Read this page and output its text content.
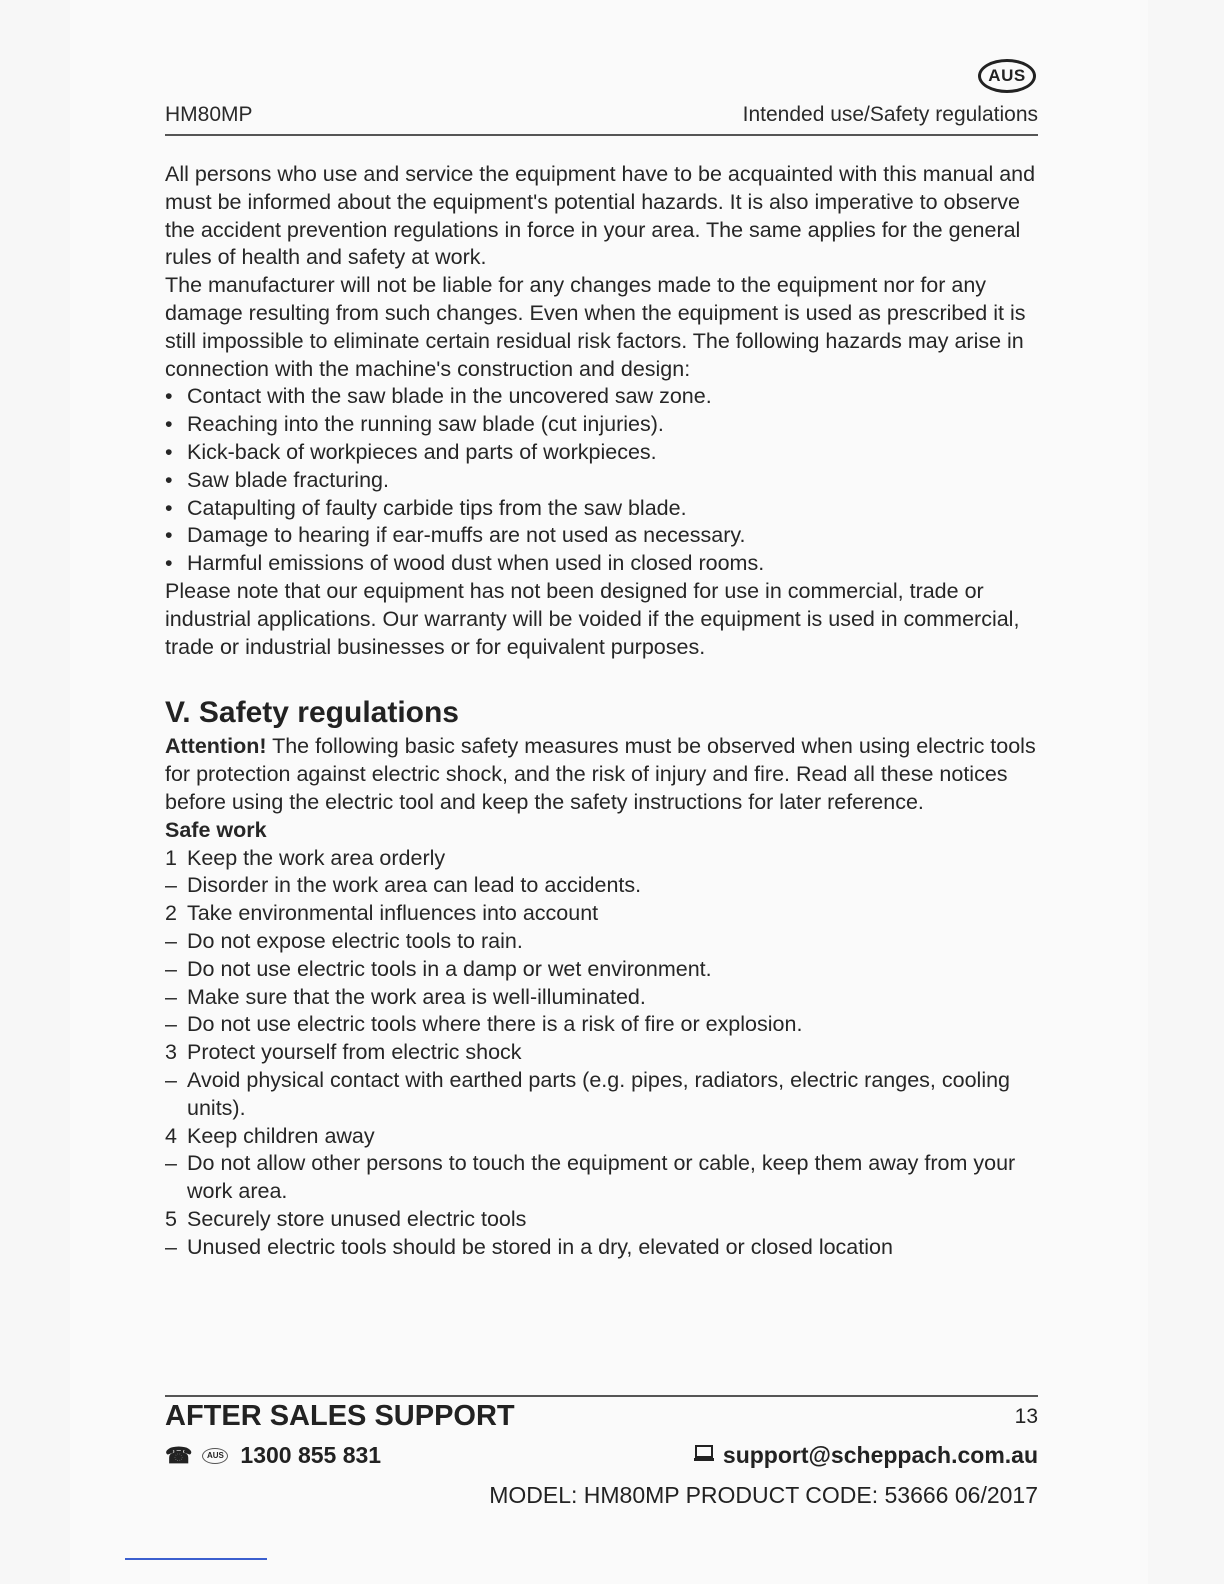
AUS
HM80MP	Intended use/Safety regulations

All persons who use and service the equipment have to be acquainted with this manual and must be informed about the equipment's potential hazards. It is also imperative to observe the accident prevention regulations in force in your area. The same applies for the general rules of health and safety at work.

The manufacturer will not be liable for any changes made to the equipment nor for any damage resulting from such changes. Even when the equipment is used as prescribed it is still impossible to eliminate certain residual risk factors. The following hazards may arise in connection with the machine's construction and design:

• Contact with the saw blade in the uncovered saw zone.

• Reaching into the running saw blade (cut injuries).

• Kick-back of workpieces and parts of workpieces.

• Saw blade fracturing.

• Catapulting of faulty carbide tips from the saw blade.

• Damage to hearing if ear-muffs are not used as necessary.

• Harmful emissions of wood dust when used in closed rooms.

Please note that our equipment has not been designed for use in commercial, trade or industrial applications. Our warranty will be voided if the equipment is used in commercial, trade or industrial businesses or for equivalent purposes.

V. Safety regulations

Attention! The following basic safety measures must be observed when using electric tools for protection against electric shock, and the risk of injury and fire. Read all these notices before using the electric tool and keep the safety instructions for later reference.

Safe work

1 Keep the work area orderly

– Disorder in the work area can lead to accidents.

2 Take environmental influences into account

– Do not expose electric tools to rain.

– Do not use electric tools in a damp or wet environment.

– Make sure that the work area is well-illuminated.

– Do not use electric tools where there is a risk of fire or explosion.

3 Protect yourself from electric shock

– Avoid physical contact with earthed parts (e.g. pipes, radiators, electric ranges, cooling units).

4 Keep children away

– Do not allow other persons to touch the equipment or cable, keep them away from your work area.

5 Securely store unused electric tools

– Unused electric tools should be stored in a dry, elevated or closed location

AFTER SALES SUPPORT	13
☎	AUS 1300 855 831	support@scheppach.com.au
MODEL: HM80MP PRODUCT CODE: 53666 06/2017
